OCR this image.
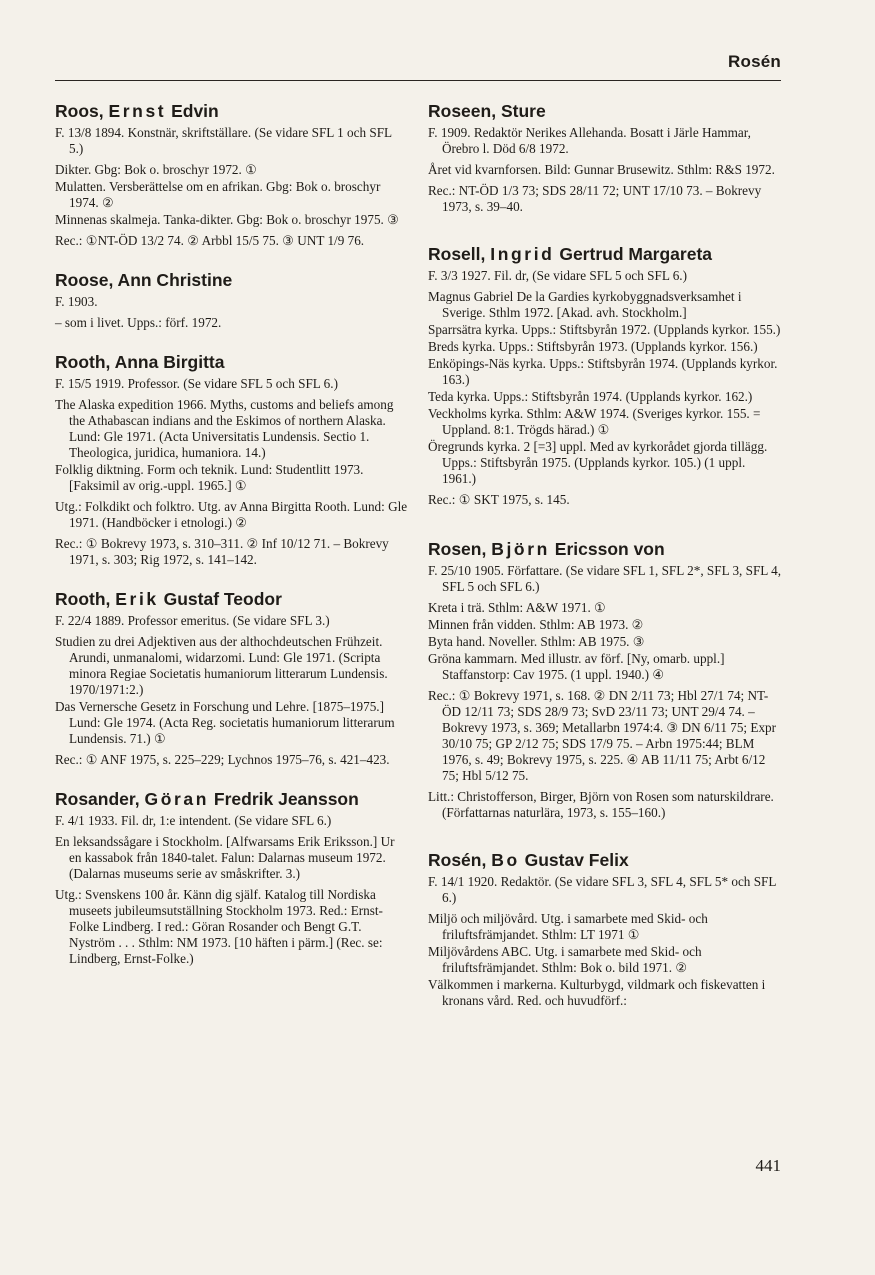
Rosén
Roos, Ernst Edvin

F. 13/8 1894. Konstnär, skriftställare. (Se vidare SFL 1 och SFL 5.)

Dikter. Gbg: Bok o. broschyr 1972. ①

Mulatten. Versberättelse om en afrikan. Gbg: Bok o. broschyr 1974. ②

Minnenas skalmeja. Tanka-dikter. Gbg: Bok o. broschyr 1975. ③

Rec.: ①NT-ÖD 13/2 74. ② Arbbl 15/5 75. ③ UNT 1/9 76.

Roose, Ann Christine

F. 1903.

– som i livet. Upps.: förf. 1972.

Rooth, Anna Birgitta

F. 15/5 1919. Professor. (Se vidare SFL 5 och SFL 6.)

The Alaska expedition 1966. Myths, customs and beliefs among the Athabascan indians and the Eskimos of northern Alaska. Lund: Gle 1971. (Acta Universitatis Lundensis. Sectio 1. Theologica, juridica, humaniora. 14.)

Folklig diktning. Form och teknik. Lund: Studentlitt 1973. [Faksimil av orig.-uppl. 1965.] ①

Utg.: Folkdikt och folktro. Utg. av Anna Birgitta Rooth. Lund: Gle 1971. (Handböcker i etnologi.) ②

Rec.: ① Bokrevy 1973, s. 310–311. ② Inf 10/12 71. – Bokrevy 1971, s. 303; Rig 1972, s. 141–142.

Rooth, Erik Gustaf Teodor

F. 22/4 1889. Professor emeritus. (Se vidare SFL 3.)

Studien zu drei Adjektiven aus der althochdeutschen Frühzeit. Arundi, unmanalomi, widarzomi. Lund: Gle 1971. (Scripta minora Regiae Societatis humaniorum litterarum Lundensis. 1970/1971:2.)

Das Vernersche Gesetz in Forschung und Lehre. [1875–1975.] Lund: Gle 1974. (Acta Reg. societatis humaniorum litterarum Lundensis. 71.) ①

Rec.: ① ANF 1975, s. 225–229; Lychnos 1975–76, s. 421–423.

Rosander, Göran Fredrik Jeansson

F. 4/1 1933. Fil. dr, 1:e intendent. (Se vidare SFL 6.)

En leksandssågare i Stockholm. [Alfwarsams Erik Eriksson.] Ur en kassabok från 1840-talet. Falun: Dalarnas museum 1972. (Dalarnas museums serie av småskrifter. 3.)

Utg.: Svenskens 100 år. Känn dig själf. Katalog till Nordiska museets jubileumsutställning Stockholm 1973. Red.: Ernst-Folke Lindberg. I red.: Göran Rosander och Bengt G.T. Nyström . . . Sthlm: NM 1973. [10 häften i pärm.] (Rec. se: Lindberg, Ernst-Folke.)

Roseen, Sture

F. 1909. Redaktör Nerikes Allehanda. Bosatt i Järle Hammar, Örebro l. Död 6/8 1972.

Året vid kvarnforsen. Bild: Gunnar Brusewitz. Sthlm: R&S 1972.

Rec.: NT-ÖD 1/3 73; SDS 28/11 72; UNT 17/10 73. – Bokrevy 1973, s. 39–40.

Rosell, Ingrid Gertrud Margareta

F. 3/3 1927. Fil. dr, (Se vidare SFL 5 och SFL 6.)

Magnus Gabriel De la Gardies kyrkobyggnadsverksamhet i Sverige. Sthlm 1972. [Akad. avh. Stockholm.]

Sparrsätra kyrka. Upps.: Stiftsbyrån 1972. (Upplands kyrkor. 155.)

Breds kyrka. Upps.: Stiftsbyrån 1973. (Upplands kyrkor. 156.)

Enköpings-Näs kyrka. Upps.: Stiftsbyrån 1974. (Upplands kyrkor. 163.)

Teda kyrka. Upps.: Stiftsbyrån 1974. (Upplands kyrkor. 162.)

Veckholms kyrka. Sthlm: A&W 1974. (Sveriges kyrkor. 155. = Uppland. 8:1. Trögds härad.) ①

Öregrunds kyrka. 2 [=3] uppl. Med av kyrkorådet gjorda tillägg. Upps.: Stiftsbyrån 1975. (Upplands kyrkor. 105.) (1 uppl. 1961.)

Rec.: ① SKT 1975, s. 145.

Rosen, Björn Ericsson von

F. 25/10 1905. Författare. (Se vidare SFL 1, SFL 2*, SFL 3, SFL 4, SFL 5 och SFL 6.)

Kreta i trä. Sthlm: A&W 1971. ①

Minnen från vidden. Sthlm: AB 1973. ②

Byta hand. Noveller. Sthlm: AB 1975. ③

Gröna kammarn. Med illustr. av förf. [Ny, omarb. uppl.] Staffanstorp: Cav 1975. (1 uppl. 1940.) ④

Rec.: ① Bokrevy 1971, s. 168. ② DN 2/11 73; Hbl 27/1 74; NT-ÖD 12/11 73; SDS 28/9 73; SvD 23/11 73; UNT 29/4 74. – Bokrevy 1973, s. 369; Metallarbn 1974:4. ③ DN 6/11 75; Expr 30/10 75; GP 2/12 75; SDS 17/9 75. – Arbn 1975:44; BLM 1976, s. 49; Bokrevy 1975, s. 225. ④ AB 11/11 75; Arbt 6/12 75; Hbl 5/12 75.

Litt.: Christofferson, Birger, Björn von Rosen som naturskildrare. (Författarnas naturlära, 1973, s. 155–160.)

Rosén, Bo Gustav Felix

F. 14/1 1920. Redaktör. (Se vidare SFL 3, SFL 4, SFL 5* och SFL 6.)

Miljö och miljövård. Utg. i samarbete med Skid- och friluftsfrämjandet. Sthlm: LT 1971 ①

Miljövårdens ABC. Utg. i samarbete med Skid- och friluftsfrämjandet. Sthlm: Bok o. bild 1971. ②

Välkommen i markerna. Kulturbygd, vildmark och fiskevatten i kronans vård. Red. och huvudförf.:

441
